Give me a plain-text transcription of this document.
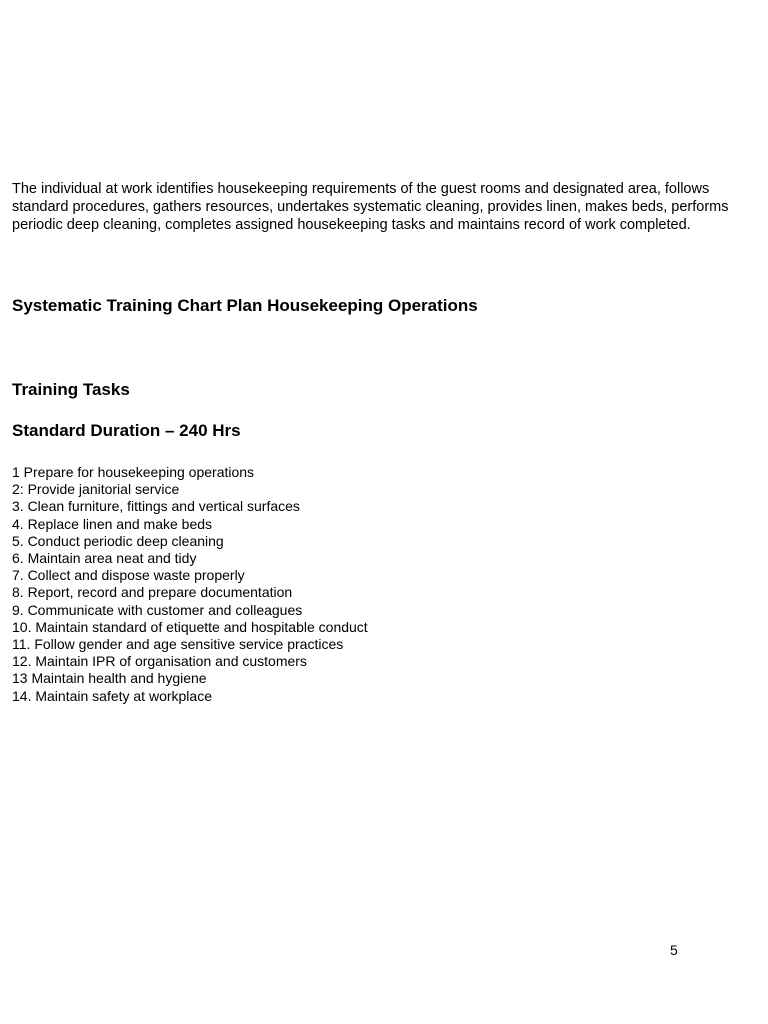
The individual at work identifies housekeeping requirements of the guest rooms and designated area, follows standard procedures, gathers resources, undertakes systematic cleaning, provides linen, makes beds, performs periodic deep cleaning, completes assigned housekeeping tasks and maintains record of work completed.

Systematic Training Chart Plan Housekeeping Operations
Training Tasks
Standard Duration – 240 Hrs
1 Prepare for housekeeping operations
2: Provide janitorial service
3. Clean furniture, fittings and vertical surfaces
4. Replace linen and make beds
5. Conduct periodic deep cleaning
6. Maintain area neat and tidy
7. Collect and dispose waste properly
8. Report, record and prepare documentation
9. Communicate with customer and colleagues
10. Maintain standard of etiquette and hospitable conduct
11. Follow gender and age sensitive service practices
12. Maintain IPR of organisation and customers
13 Maintain health and hygiene
14. Maintain safety at workplace
5
